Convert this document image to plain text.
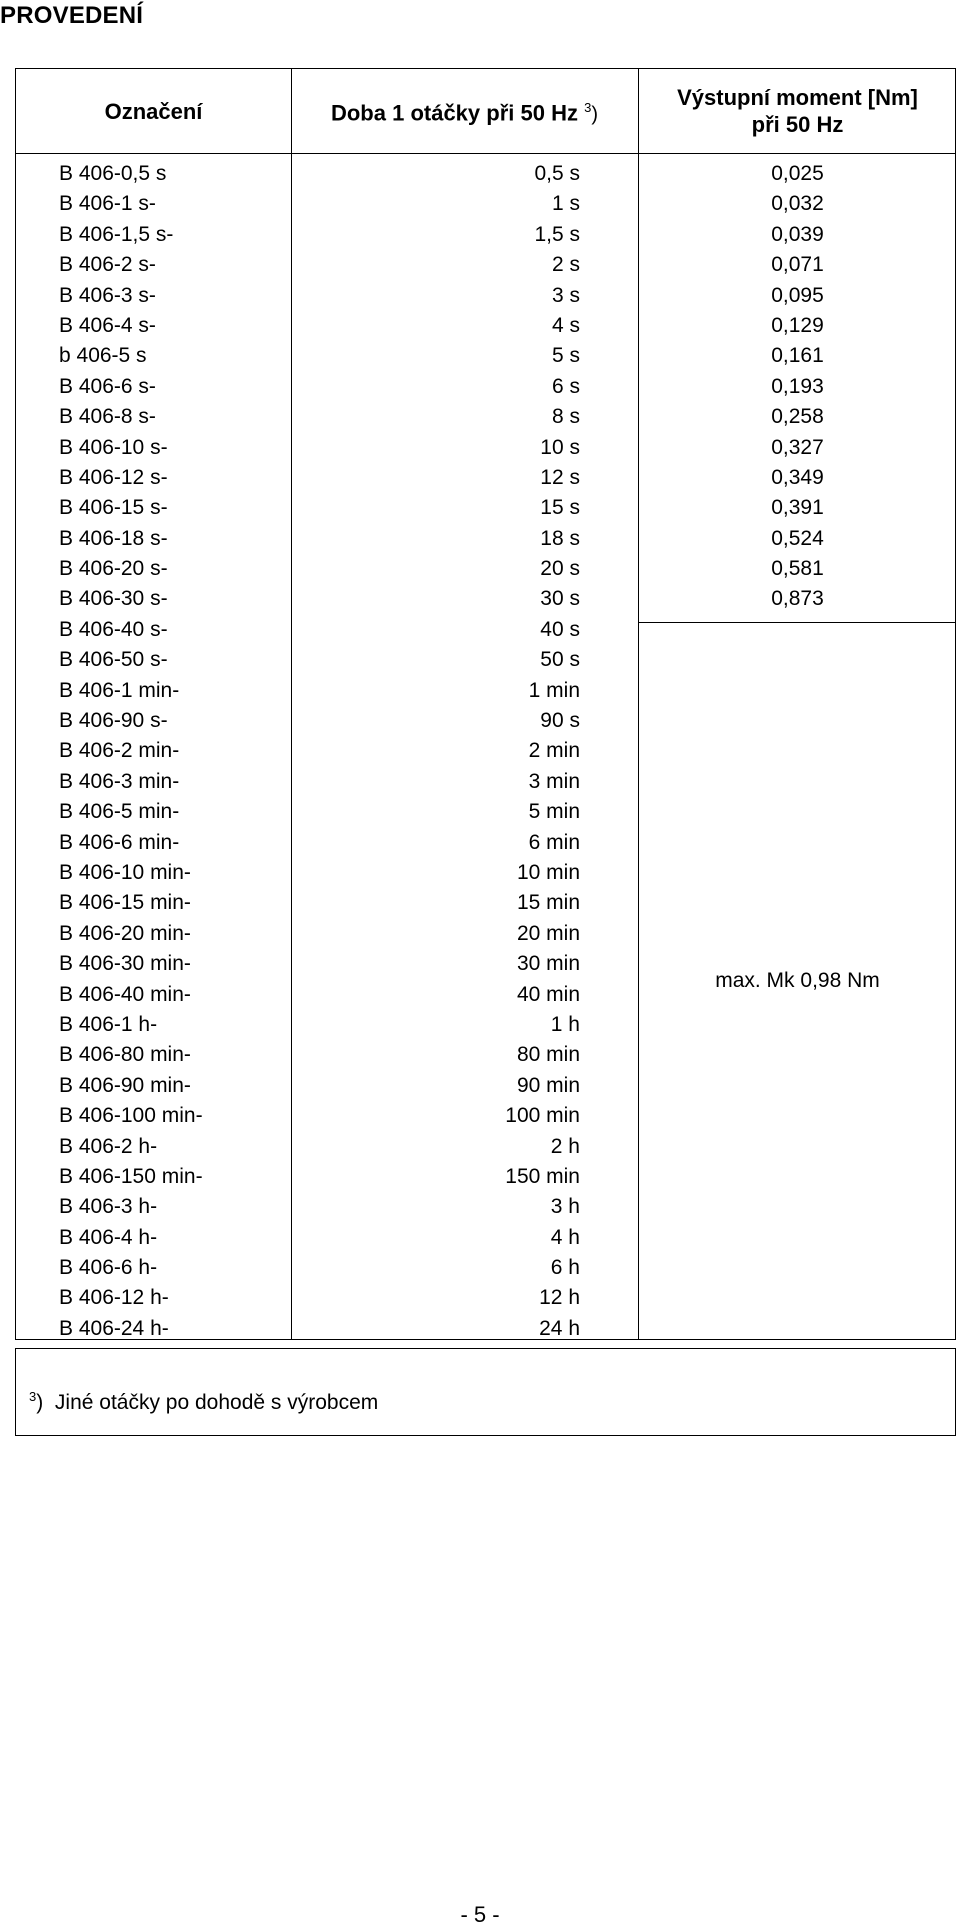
PROVEDENÍ
Označení	Doba 1 otáčky při 50 Hz $^3$)
Výstupní moment [Nm]
při 50 Hz
B 406-0,5 s
B 406-1 s-
B 406-1,5 s-
B 406-2 s-
B 406-3 s-
B 406-4 s-
b 406-5 s
B 406-6 s-
B 406-8 s-
B 406-10 s-
B 406-12 s-
B 406-15 s-
B 406-18 s-
B 406-20 s-
B 406-30 s-
B 406-40 s-
B 406-50 s-
B 406-1 min-
B 406-90 s-
B 406-2 min-
B 406-3 min-
B 406-5 min-
B 406-6 min-
B 406-10 min-
B 406-15 min-
B 406-20 min-
B 406-30 min-
B 406-40 min-
B 406-1 h-
B 406-80 min-
B 406-90 min-
B 406-100 min-
B 406-2 h-
B 406-150 min-
B 406-3 h-
B 406-4 h-
B 406-6 h-
B 406-12 h-
B 406-24 h-
0,5 s
1 s
1,5 s
2 s
3 s
4 s
5 s
6 s
8 s
10 s
12 s
15 s
18 s
20 s
30 s
40 s
50 s
1 min
90 s
2 min
3 min
5 min
6 min
10 min
15 min
20 min
30 min
40 min
1 h
80 min
90 min
100 min
2 h
150 min
3 h
4 h
6 h
12 h
24 h
0,025
0,032
0,039
0,071
0,095
0,129
0,161
0,193
0,258
0,327
0,349
0,391
0,524
0,581
0,873
max. Mk 0,98 Nm
$^3$) Jiné otáčky po dohodě s výrobcem
- 5 -
